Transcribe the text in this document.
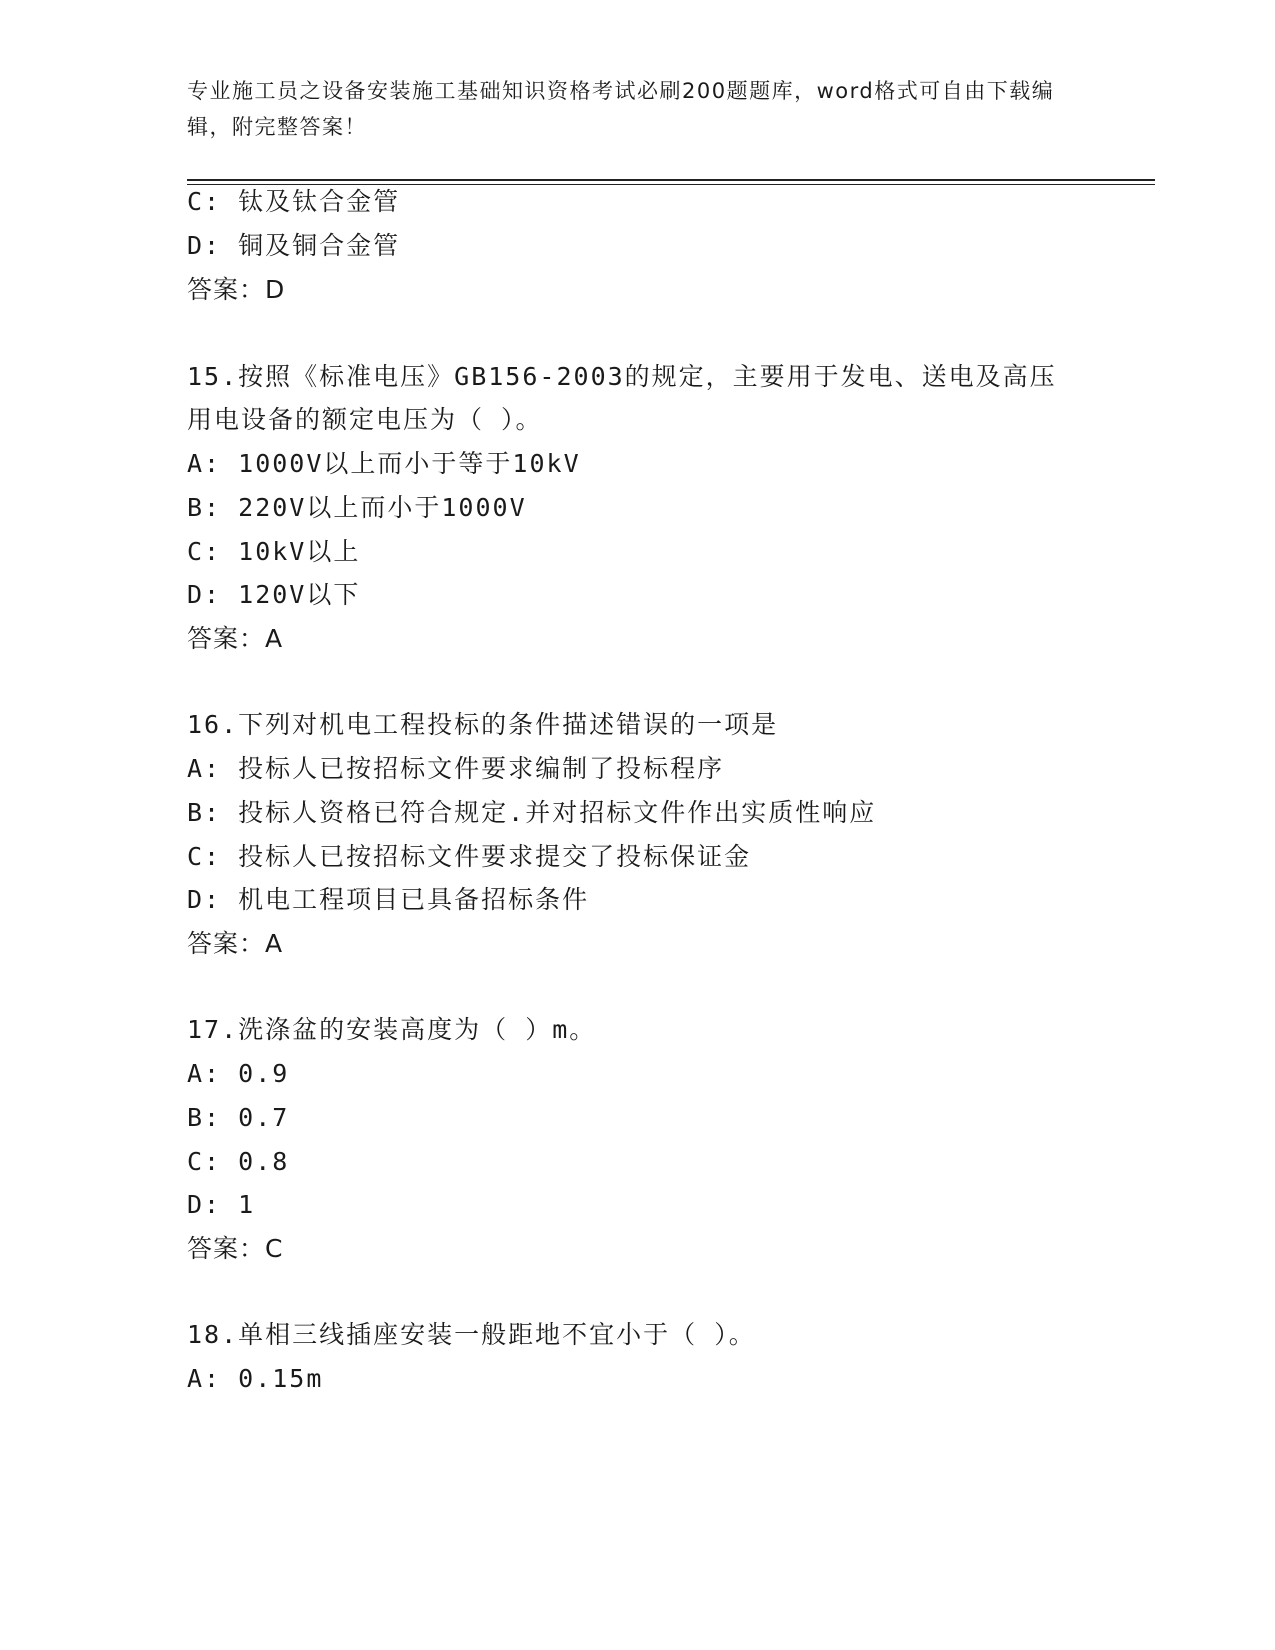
专业施工员之设备安装施工基础知识资格考试必刷200题题库，word格式可自由下载编辑，附完整答案！
C: 钛及钛合金管
D: 铜及铜合金管
答案：D
15.按照《标准电压》GB156-2003的规定，主要用于发电、送电及高压
用电设备的额定电压为（ ）。
A: 1000V以上而小于等于10kV
B: 220V以上而小于1000V
C: 10kV以上
D: 120V以下
答案：A
16.下列对机电工程投标的条件描述错误的一项是
A: 投标人已按招标文件要求编制了投标程序
B: 投标人资格已符合规定.并对招标文件作出实质性响应
C: 投标人已按招标文件要求提交了投标保证金
D: 机电工程项目已具备招标条件
答案：A
17.洗涤盆的安装高度为（ ）m。
A: 0.9
B: 0.7
C: 0.8
D: 1
答案：C
18.单相三线插座安装一般距地不宜小于（ ）。
A: 0.15m
